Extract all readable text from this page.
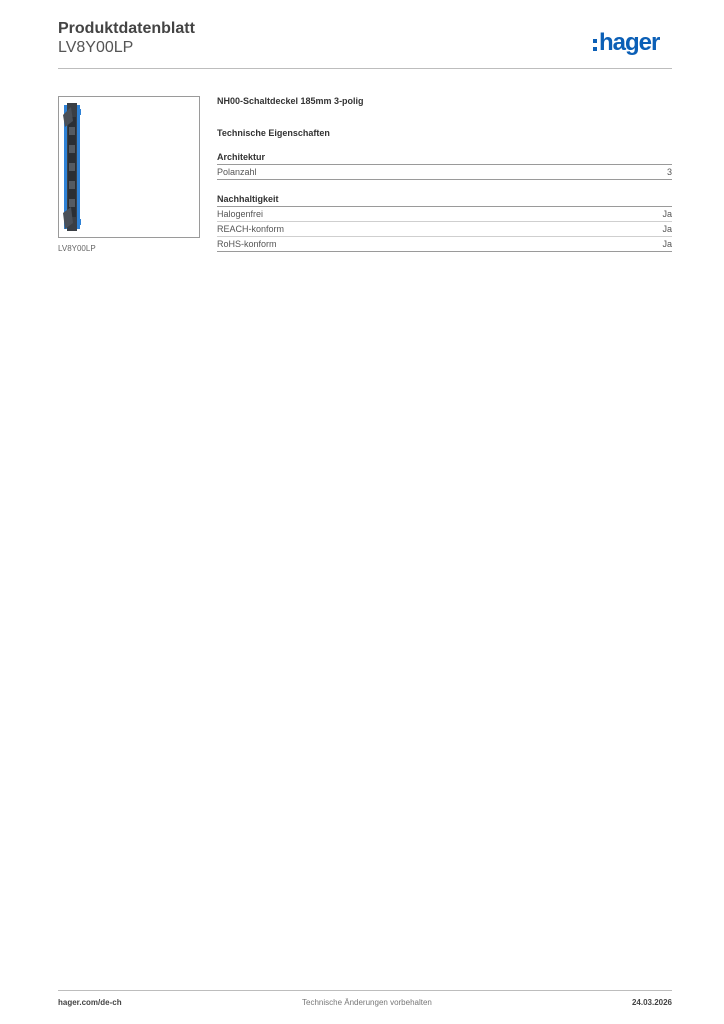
Produktdatenblatt
LV8Y00LP	hager
LV8Y00LP
NH00-Schaltdeckel 185mm 3-polig
Technische Eigenschaften
Architektur
Polanzahl	3
Nachhaltigkeit
Halogenfrei	Ja
REACH-konform	Ja
RoHS-konform	Ja
hager.com/de-ch	Technische Änderungen vorbehalten	24.03.2026
